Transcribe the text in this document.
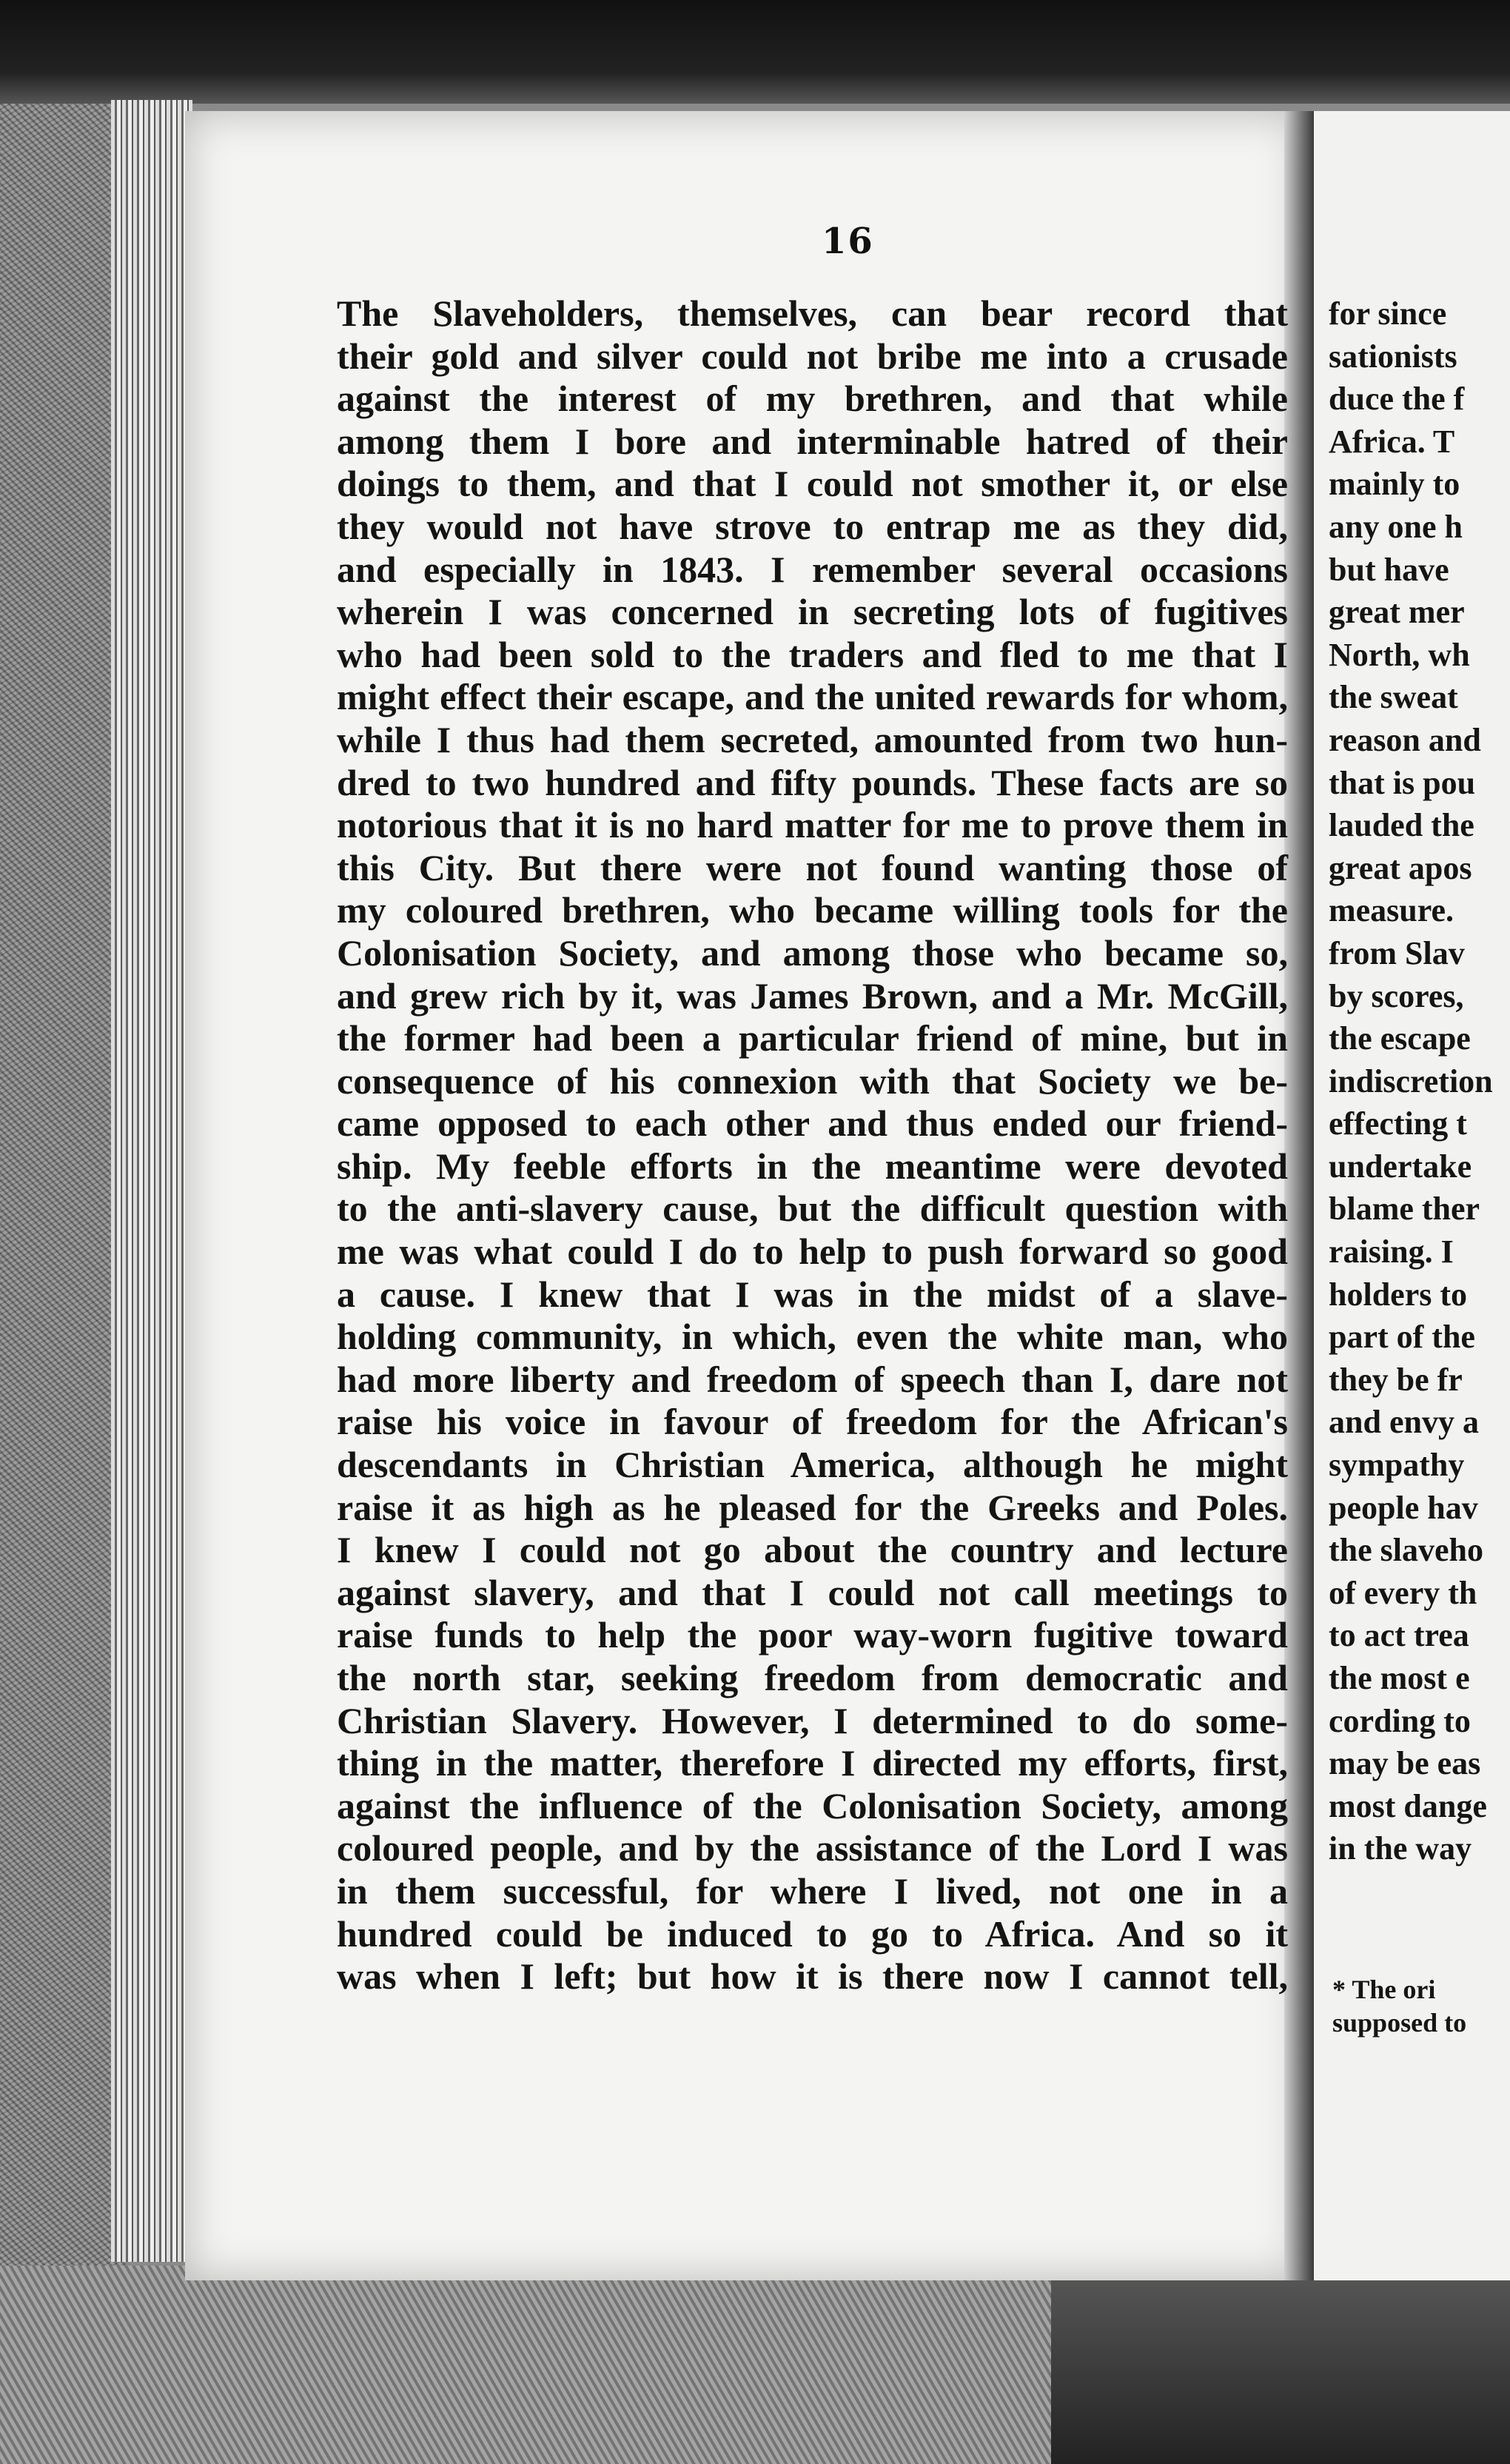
16
The Slaveholders, themselves, can bear record that
their gold and silver could not bribe me into a crusade
against the interest of my brethren, and that while
among them I bore and interminable hatred of their
doings to them, and that I could not smother it, or else
they would not have strove to entrap me as they did,
and especially in 1843. I remember several occasions
wherein I was concerned in secreting lots of fugitives
who had been sold to the traders and fled to me that I
might effect their escape, and the united rewards for whom,
while I thus had them secreted, amounted from two hun-
dred to two hundred and fifty pounds. These facts are so
notorious that it is no hard matter for me to prove them in
this City. But there were not found wanting those of
my coloured brethren, who became willing tools for the
Colonisation Society, and among those who became so,
and grew rich by it, was James Brown, and a Mr. McGill,
the former had been a particular friend of mine, but in
consequence of his connexion with that Society we be-
came opposed to each other and thus ended our friend-
ship. My feeble efforts in the meantime were devoted
to the anti-slavery cause, but the difficult question with
me was what could I do to help to push forward so good
a cause. I knew that I was in the midst of a slave-
holding community, in which, even the white man, who
had more liberty and freedom of speech than I, dare not
raise his voice in favour of freedom for the African's
descendants in Christian America, although he might
raise it as high as he pleased for the Greeks and Poles.
I knew I could not go about the country and lecture
against slavery, and that I could not call meetings to
raise funds to help the poor way-worn fugitive toward
the north star, seeking freedom from democratic and
Christian Slavery. However, I determined to do some-
thing in the matter, therefore I directed my efforts, first,
against the influence of the Colonisation Society, among
coloured people, and by the assistance of the Lord I was
in them successful, for where I lived, not one in a
hundred could be induced to go to Africa. And so it
was when I left; but how it is there now I cannot tell,
for since
sationists
duce the f
Africa. T
mainly to
any one h
but have
great mer
North, wh
the sweat
reason and
that is pou
lauded the
great apos
measure.
from Slav
by scores,
the escape
indiscretion
effecting t
undertake
blame ther
raising. I
holders to
part of the
they be fr
and envy a
sympathy
people hav
the slaveho
of every th
to act trea
the most e
cording to
may be eas
most dange
in the way
* The ori
supposed to
